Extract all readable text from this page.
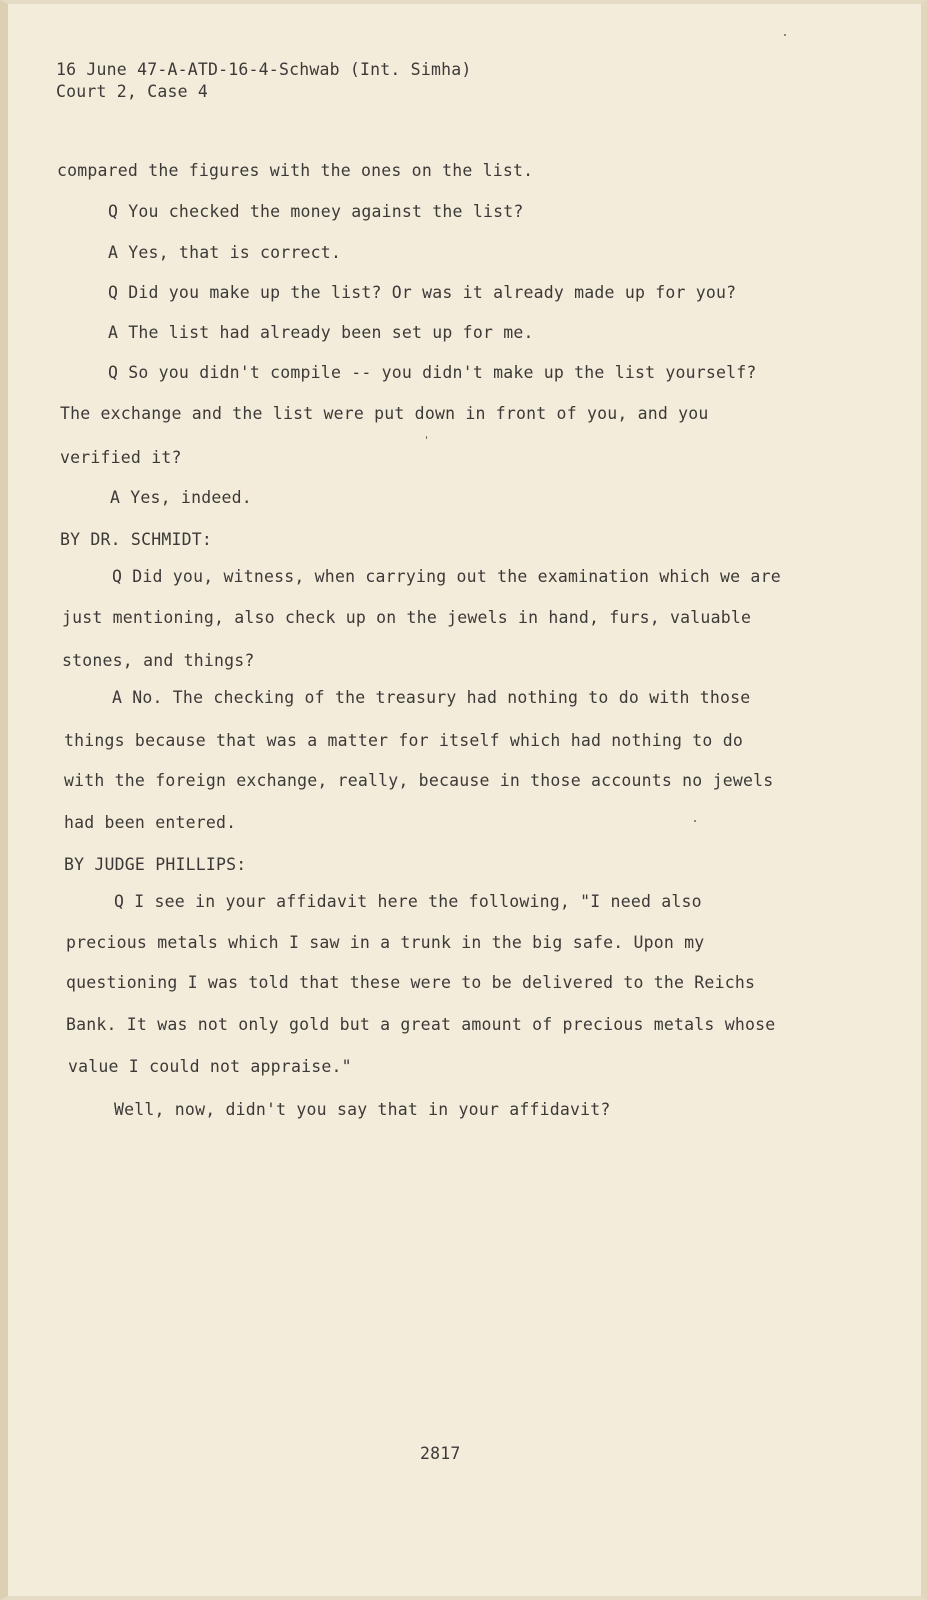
16 June 47-A-ATD-16-4-Schwab (Int. Simha)
Court 2, Case 4
compared the figures with the ones on the list.
Q You checked the money against the list?
A Yes, that is correct.
Q Did you make up the list? Or was it already made up for you?
A The list had already been set up for me.
Q So you didn't compile -- you didn't make up the list yourself?
The exchange and the list were put down in front of you, and you
verified it?
A Yes, indeed.
BY DR. SCHMIDT:
Q Did you, witness, when carrying out the examination which we are
just mentioning, also check up on the jewels in hand, furs, valuable
stones, and things?
A No. The checking of the treasury had nothing to do with those
things because that was a matter for itself which had nothing to do
with the foreign exchange, really, because in those accounts no jewels
had been entered.
BY JUDGE PHILLIPS:
Q I see in your affidavit here the following, "I need also
precious metals which I saw in a trunk in the big safe. Upon my
questioning I was told that these were to be delivered to the Reichs
Bank. It was not only gold but a great amount of precious metals whose
value I could not appraise."
Well, now, didn't you say that in your affidavit?
2817
